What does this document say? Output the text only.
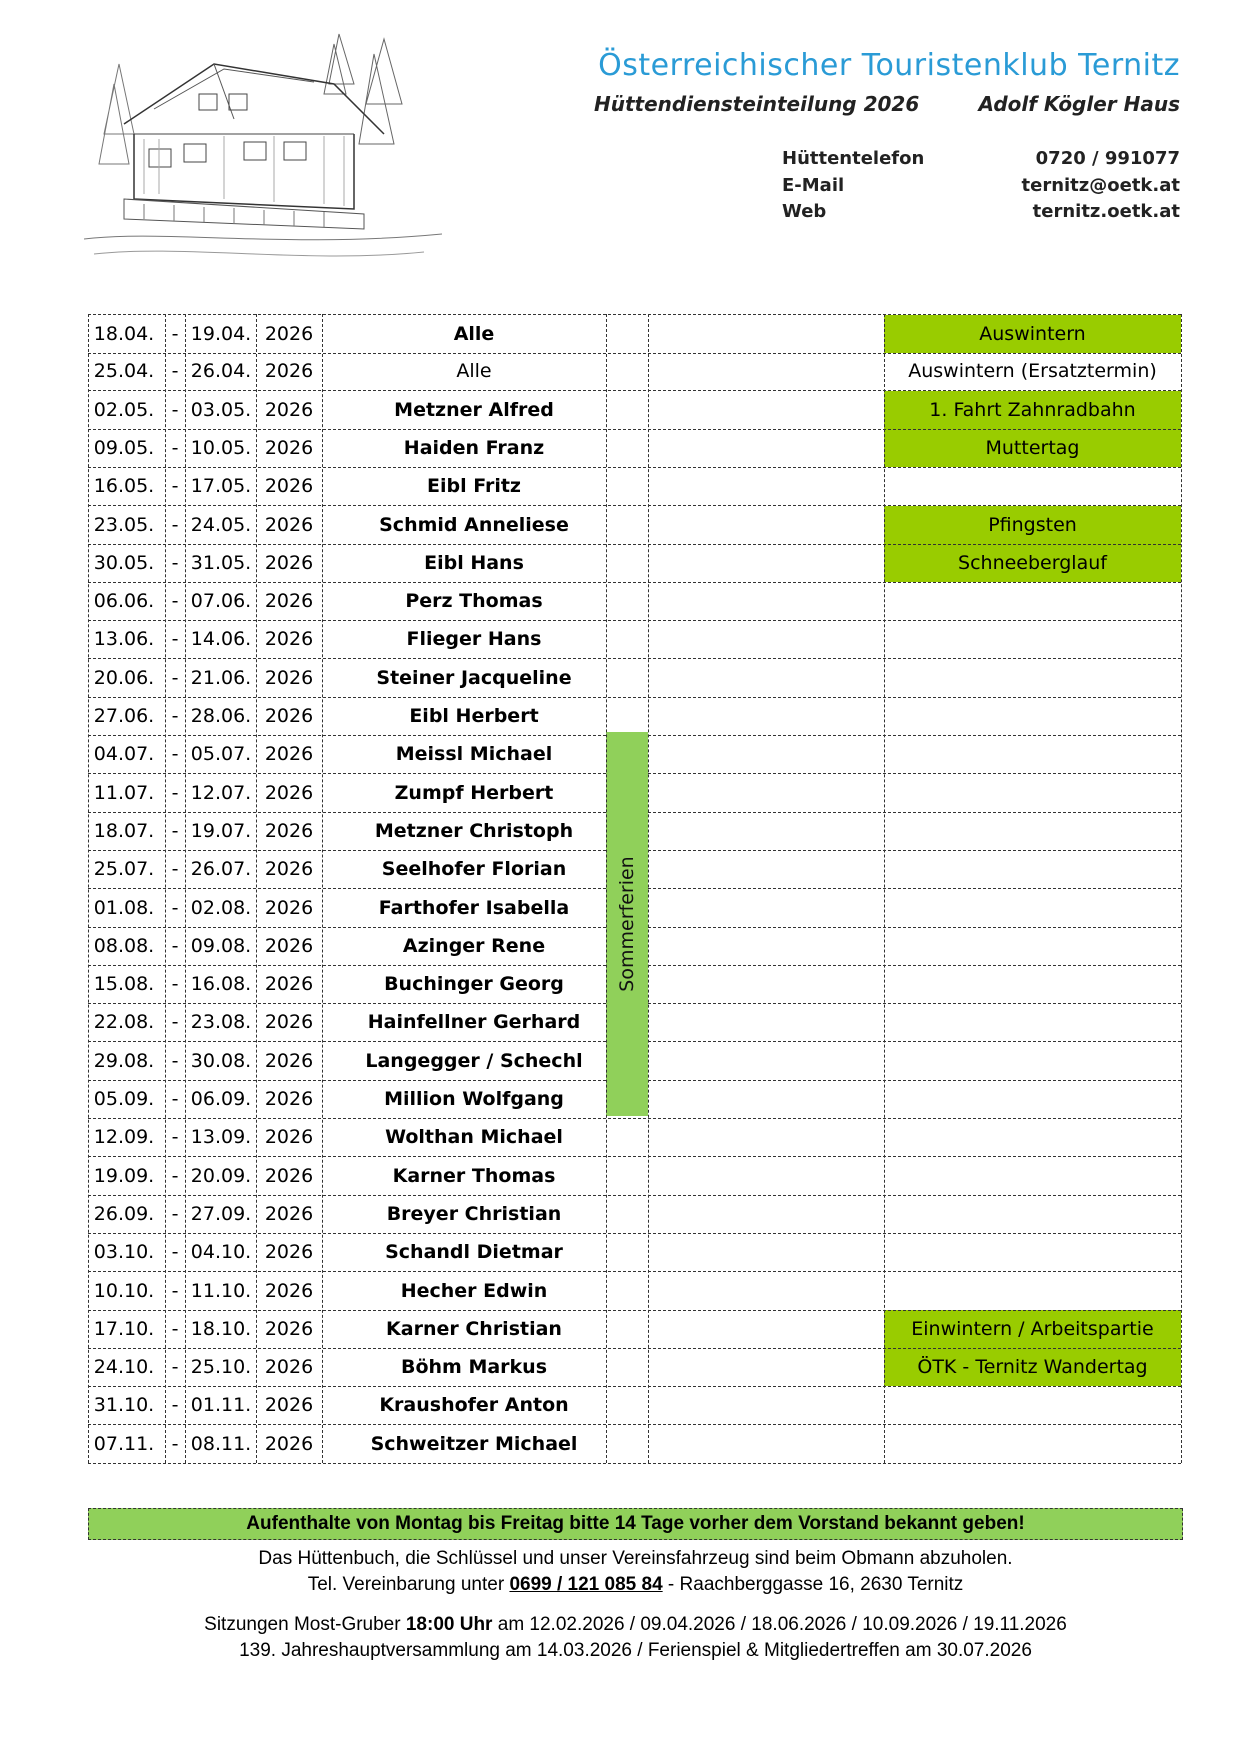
Österreichischer Touristenklub Ternitz
Hüttendiensteinteilung 2026	Adolf Kögler Haus
Hüttentelefon	0720 / 991077
E-Mail	ternitz@oetk.at
Web	ternitz.oetk.at
07.11. - 08.11. 2026	Schweitzer Michael
31.10. - 01.11. 2026	Kraushofer Anton
24.10. - 25.10. 2026	Böhm Markus	ÖTK - Ternitz Wandertag
17.10. - 18.10. 2026	Karner Christian	Einwintern / Arbeitspartie
10.10. - 11.10. 2026	Hecher Edwin
03.10. - 04.10. 2026	Schandl Dietmar
26.09. - 27.09. 2026	Breyer Christian
19.09. - 20.09. 2026	Karner Thomas
12.09. - 13.09. 2026	Wolthan Michael
05.09. - 06.09. 2026	Million Wolfgang
29.08. - 30.08. 2026	Langegger / Schechl
22.08. - 23.08. 2026	Hainfellner Gerhard
15.08. - 16.08. 2026	Buchinger Georg
08.08. - 09.08. 2026	Azinger Rene
01.08. - 02.08. 2026	Farthofer Isabella
25.07. - 26.07. 2026	Seelhofer Florian
18.07. - 19.07. 2026	Metzner Christoph
11.07. - 12.07. 2026	Zumpf Herbert
04.07. - 05.07. 2026	Meissl Michael
27.06. - 28.06. 2026	Eibl Herbert
20.06. - 21.06. 2026	Steiner Jacqueline
13.06. - 14.06. 2026	Flieger Hans
06.06. - 07.06. 2026	Perz Thomas
30.05. - 31.05. 2026	Eibl Hans	Schneeberglauf
23.05. - 24.05. 2026	Schmid Anneliese	Pfingsten
16.05. - 17.05. 2026	Eibl Fritz
09.05. - 10.05. 2026	Haiden Franz	Muttertag
02.05. - 03.05. 2026	Metzner Alfred	1. Fahrt Zahnradbahn
25.04. - 26.04. 2026	Alle	Auswintern (Ersatztermin)
18.04. - 19.04. 2026	Alle	Auswintern
Sommerferien
Aufenthalte von Montag bis Freitag bitte 14 Tage vorher dem Vorstand bekannt geben!
Das Hüttenbuch, die Schlüssel und unser Vereinsfahrzeug sind beim Obmann abzuholen.
Tel. Vereinbarung unter 0699 / 121 085 84 - Raachberggasse 16, 2630 Ternitz
Sitzungen Most-Gruber 18:00 Uhr am 12.02.2026 / 09.04.2026 / 18.06.2026 / 10.09.2026 / 19.11.2026
139. Jahreshauptversammlung am 14.03.2026 / Ferienspiel & Mitgliedertreffen am 30.07.2026
